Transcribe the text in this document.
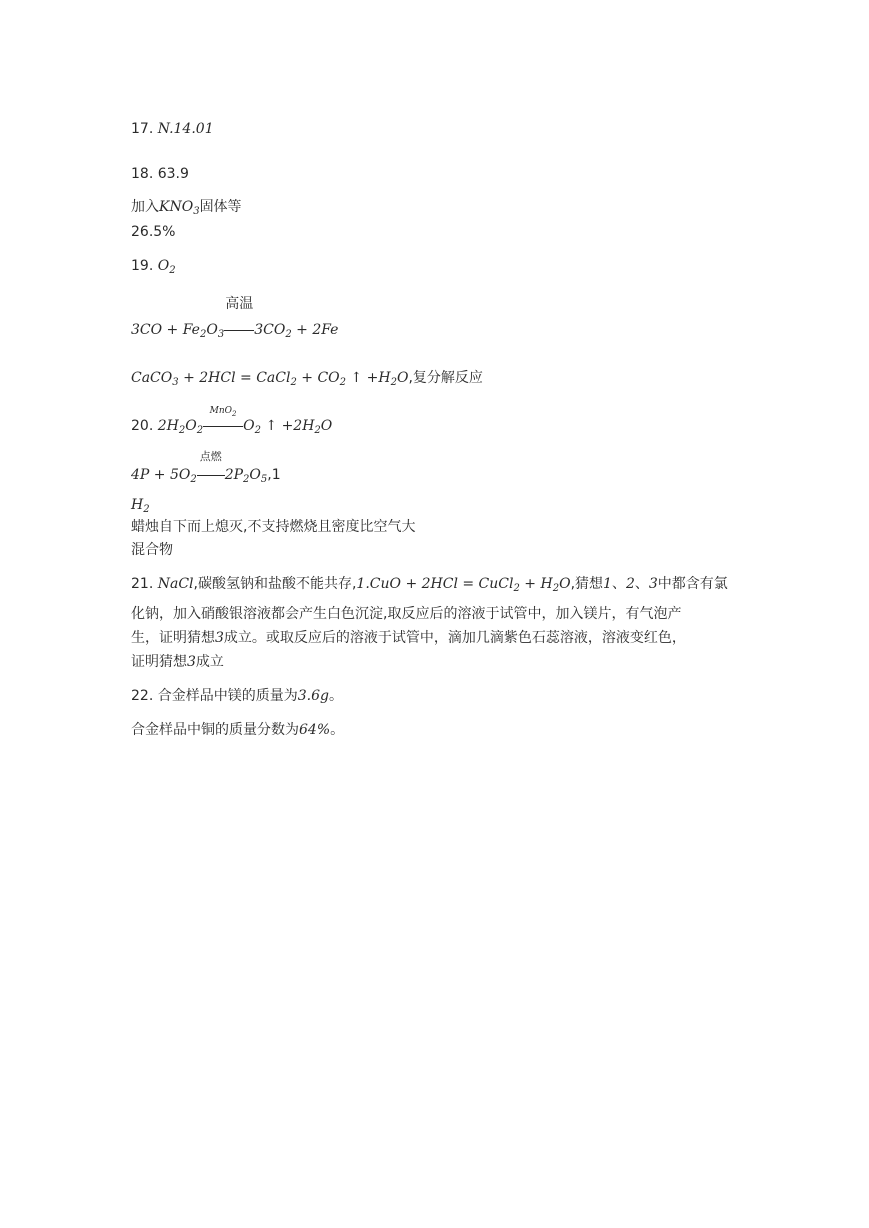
17. N.14.01
18. 63.9
加入$KNO_3$固体等
26.5%
19. $O_2$
$3CO + Fe_2O_3$
高温
$3CO_2 + 2Fe$
CaCO$_3$ + 2HCl = CaCl$_2$ + $CO_2$ ↑ $+H_2O$,复分解反应
20. $2H_2O_2$
MnO$_2$
$O_2$ ↑ $+2H_2O$
$4P + 5O_2$
点燃
$2P_2O_5,1$
$H_2$
蜡烛自下而上熄灭,不支持燃烧且密度比空气大
混合物
21. NaCl,碳酸氢钠和盐酸不能共存,1.CuO + 2HCl = CuCl$_2$ + $H_2O$,猜想1、2、3中都含有氯
化钠，加入硝酸银溶液都会产生白色沉淀,取反应后的溶液于试管中，加入镁片，有气泡产
生，证明猜想3成立。或取反应后的溶液于试管中，滴加几滴紫色石蕊溶液，溶液变红色，
证明猜想3成立
22. 合金样品中镁的质量为3.6g。
合金样品中铜的质量分数为64%。
